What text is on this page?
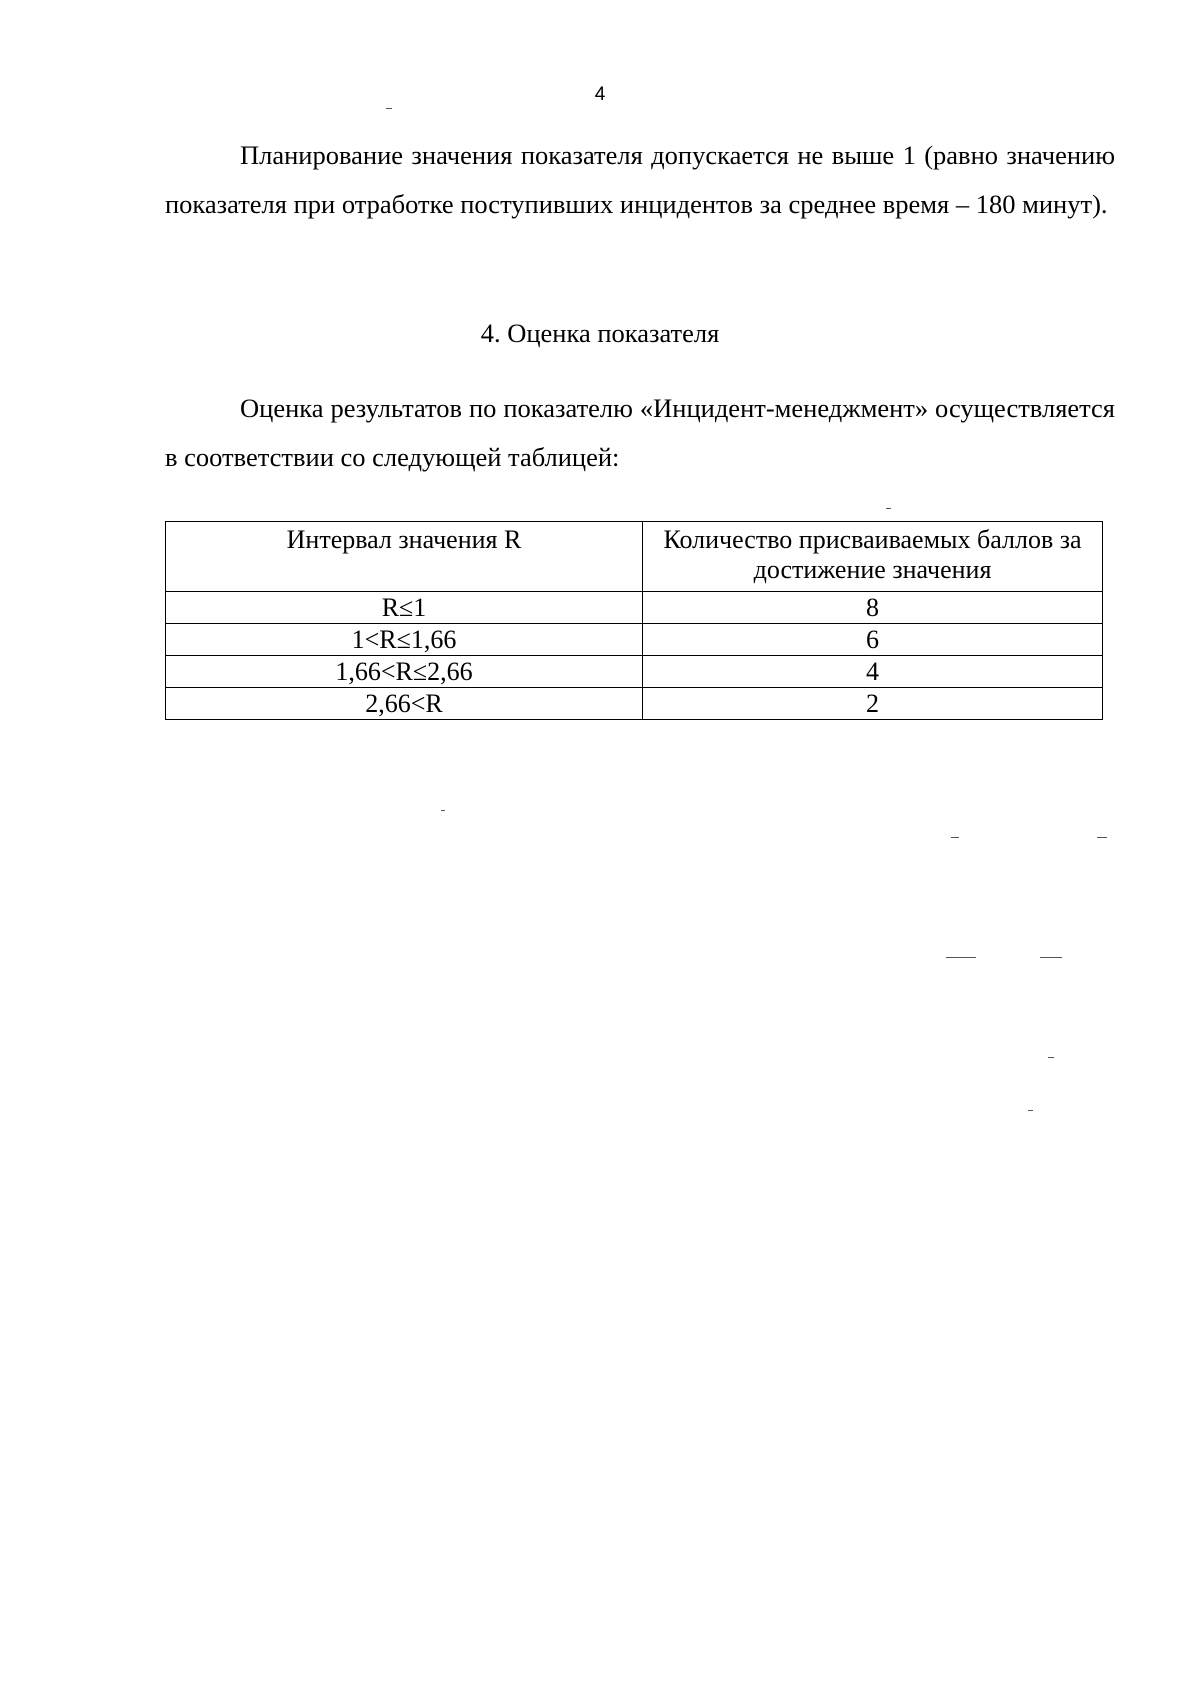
4

Планирование значения показателя допускается не выше 1 (равно значению показателя при отработке поступивших инцидентов за среднее время – 180 минут).

4. Оценка показателя

Оценка результатов по показателю «Инцидент-менеджмент» осуществляется в соответствии со следующей таблицей:

Интервал значения R	Количество присваиваемых баллов за достижение значения
R≤1	8
1<R≤1,66	6
1,66<R≤2,66	4
2,66<R	2
